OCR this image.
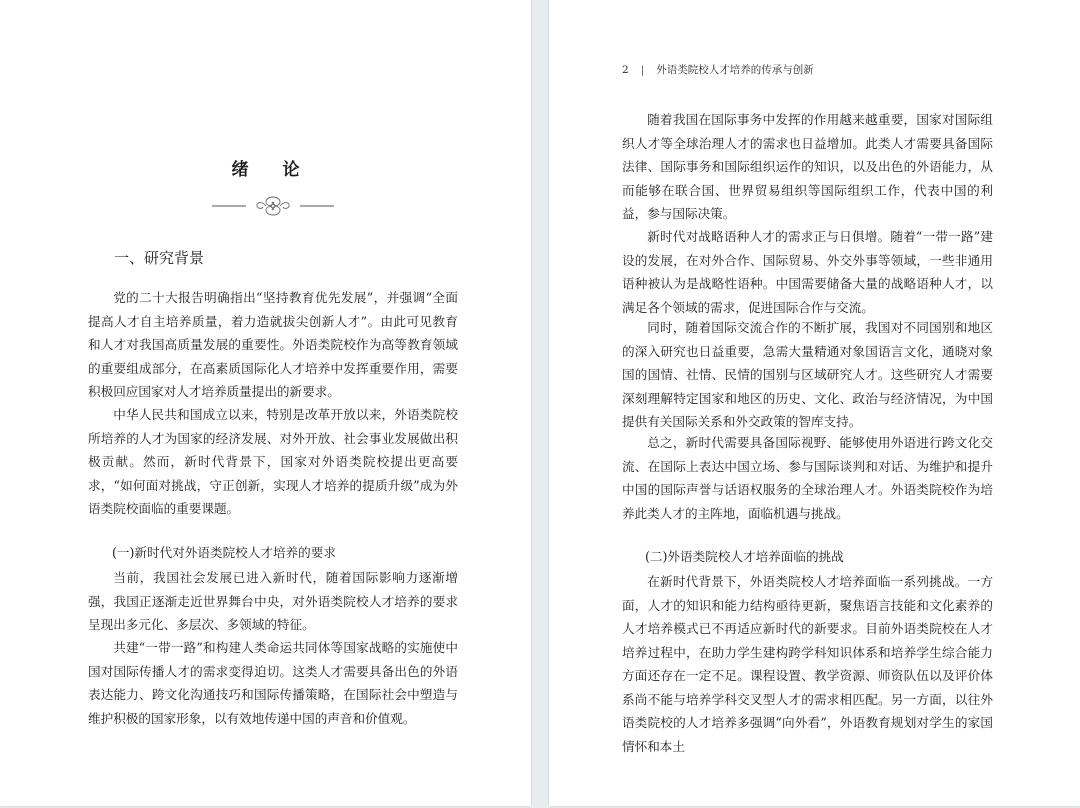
绪 论
一、研究背景

党的二十大报告明确指出“坚持教育优先发展”，并强调“全面提高人才自主培养质量，着力造就拔尖创新人才”。由此可见教育和人才对我国高质量发展的重要性。外语类院校作为高等教育领域的重要组成部分，在高素质国际化人才培养中发挥重要作用，需要积极回应国家对人才培养质量提出的新要求。

中华人民共和国成立以来，特别是改革开放以来，外语类院校所培养的人才为国家的经济发展、对外开放、社会事业发展做出积极贡献。然而，新时代背景下，国家对外语类院校提出更高要求，“如何面对挑战，守正创新，实现人才培养的提质升级”成为外语类院校面临的重要课题。

(一)新时代对外语类院校人才培养的要求

当前，我国社会发展已进入新时代，随着国际影响力逐渐增强，我国正逐渐走近世界舞台中央，对外语类院校人才培养的要求呈现出多元化、多层次、多领域的特征。

共建“一带一路”和构建人类命运共同体等国家战略的实施使中国对国际传播人才的需求变得迫切。这类人才需要具备出色的外语表达能力、跨文化沟通技巧和国际传播策略，在国际社会中塑造与维护积极的国家形象，以有效地传递中国的声音和价值观。

2 | 外语类院校人才培养的传承与创新

随着我国在国际事务中发挥的作用越来越重要，国家对国际组织人才等全球治理人才的需求也日益增加。此类人才需要具备国际法律、国际事务和国际组织运作的知识，以及出色的外语能力，从而能够在联合国、世界贸易组织等国际组织工作，代表中国的利益，参与国际决策。

新时代对战略语种人才的需求正与日俱增。随着“一带一路”建设的发展，在对外合作、国际贸易、外交外事等领域，一些非通用语种被认为是战略性语种。中国需要储备大量的战略语种人才，以满足各个领域的需求，促进国际合作与交流。

同时，随着国际交流合作的不断扩展，我国对不同国别和地区的深入研究也日益重要，急需大量精通对象国语言文化，通晓对象国的国情、社情、民情的国别与区域研究人才。这些研究人才需要深刻理解特定国家和地区的历史、文化、政治与经济情况，为中国提供有关国际关系和外交政策的智库支持。

总之，新时代需要具备国际视野、能够使用外语进行跨文化交流、在国际上表达中国立场、参与国际谈判和对话、为维护和提升中国的国际声誉与话语权服务的全球治理人才。外语类院校作为培养此类人才的主阵地，面临机遇与挑战。

(二)外语类院校人才培养面临的挑战

在新时代背景下，外语类院校人才培养面临一系列挑战。一方面，人才的知识和能力结构亟待更新，聚焦语言技能和文化素养的人才培养模式已不再适应新时代的新要求。目前外语类院校在人才培养过程中，在助力学生建构跨学科知识体系和培养学生综合能力方面还存在一定不足。课程设置、教学资源、师资队伍以及评价体系尚不能与培养学科交叉型人才的需求相匹配。另一方面，以往外语类院校的人才培养多强调“向外看”，外语教育规划对学生的家国情怀和本土
